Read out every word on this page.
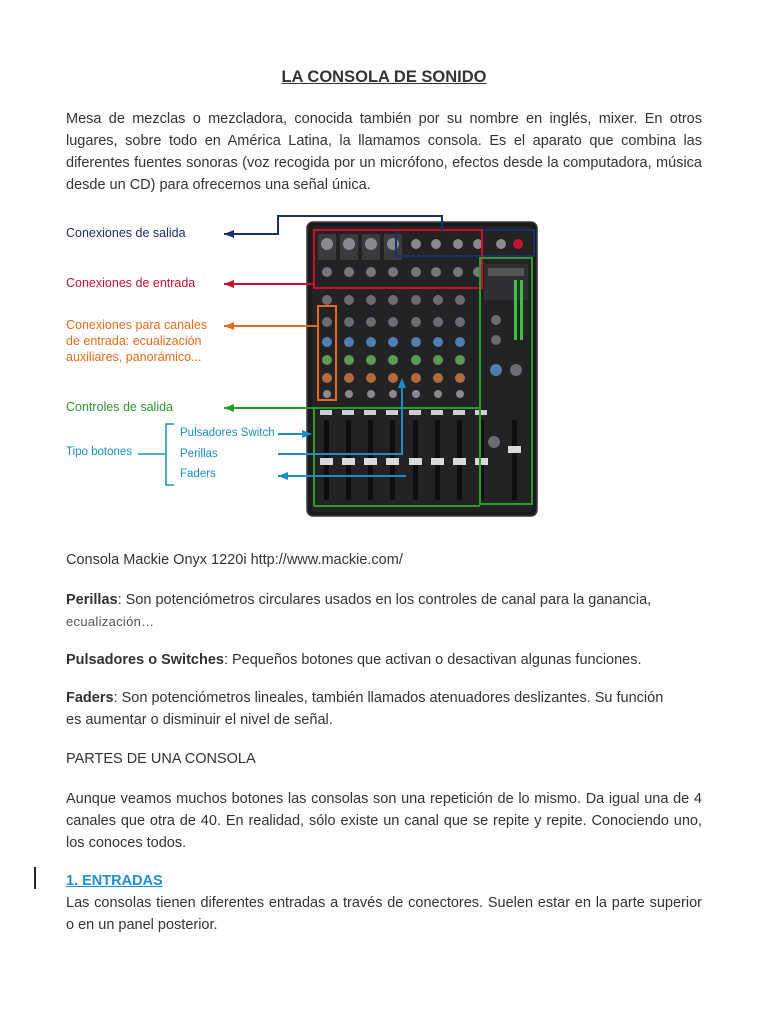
LA CONSOLA DE SONIDO

Mesa de mezclas o mezcladora, conocida también por su nombre en inglés, mixer. En otros lugares, sobre todo en América Latina, la llamamos consola. Es el aparato que combina las diferentes fuentes sonoras (voz recogida por un micrófono, efectos desde la computadora, música desde un CD) para ofrecernos una señal única.

Conexiones de salida
Conexiones de entrada
Conexiones para canales
de entrada: ecualización
auxiliares, panorámico...
Controles de salida
Tipo botones
Pulsadores Switch
Perillas
Faders

Consola Mackie Onyx 1220i http://www.mackie.com/

Perillas: Son potenciómetros circulares usados en los controles de canal para la ganancia,
ecualización…

Pulsadores o Switches: Pequeños botones que activan o desactivan algunas funciones.

Faders: Son potenciómetros lineales, también llamados atenuadores deslizantes. Su función es aumentar o disminuir el nivel de señal.

PARTES DE UNA CONSOLA

Aunque veamos muchos botones las consolas son una repetición de lo mismo. Da igual una de 4 canales que otra de 40. En realidad, sólo existe un canal que se repite y repite. Conociendo uno, los conoces todos.

1. ENTRADAS

Las consolas tienen diferentes entradas a través de conectores. Suelen estar en la parte superior o en un panel posterior.
